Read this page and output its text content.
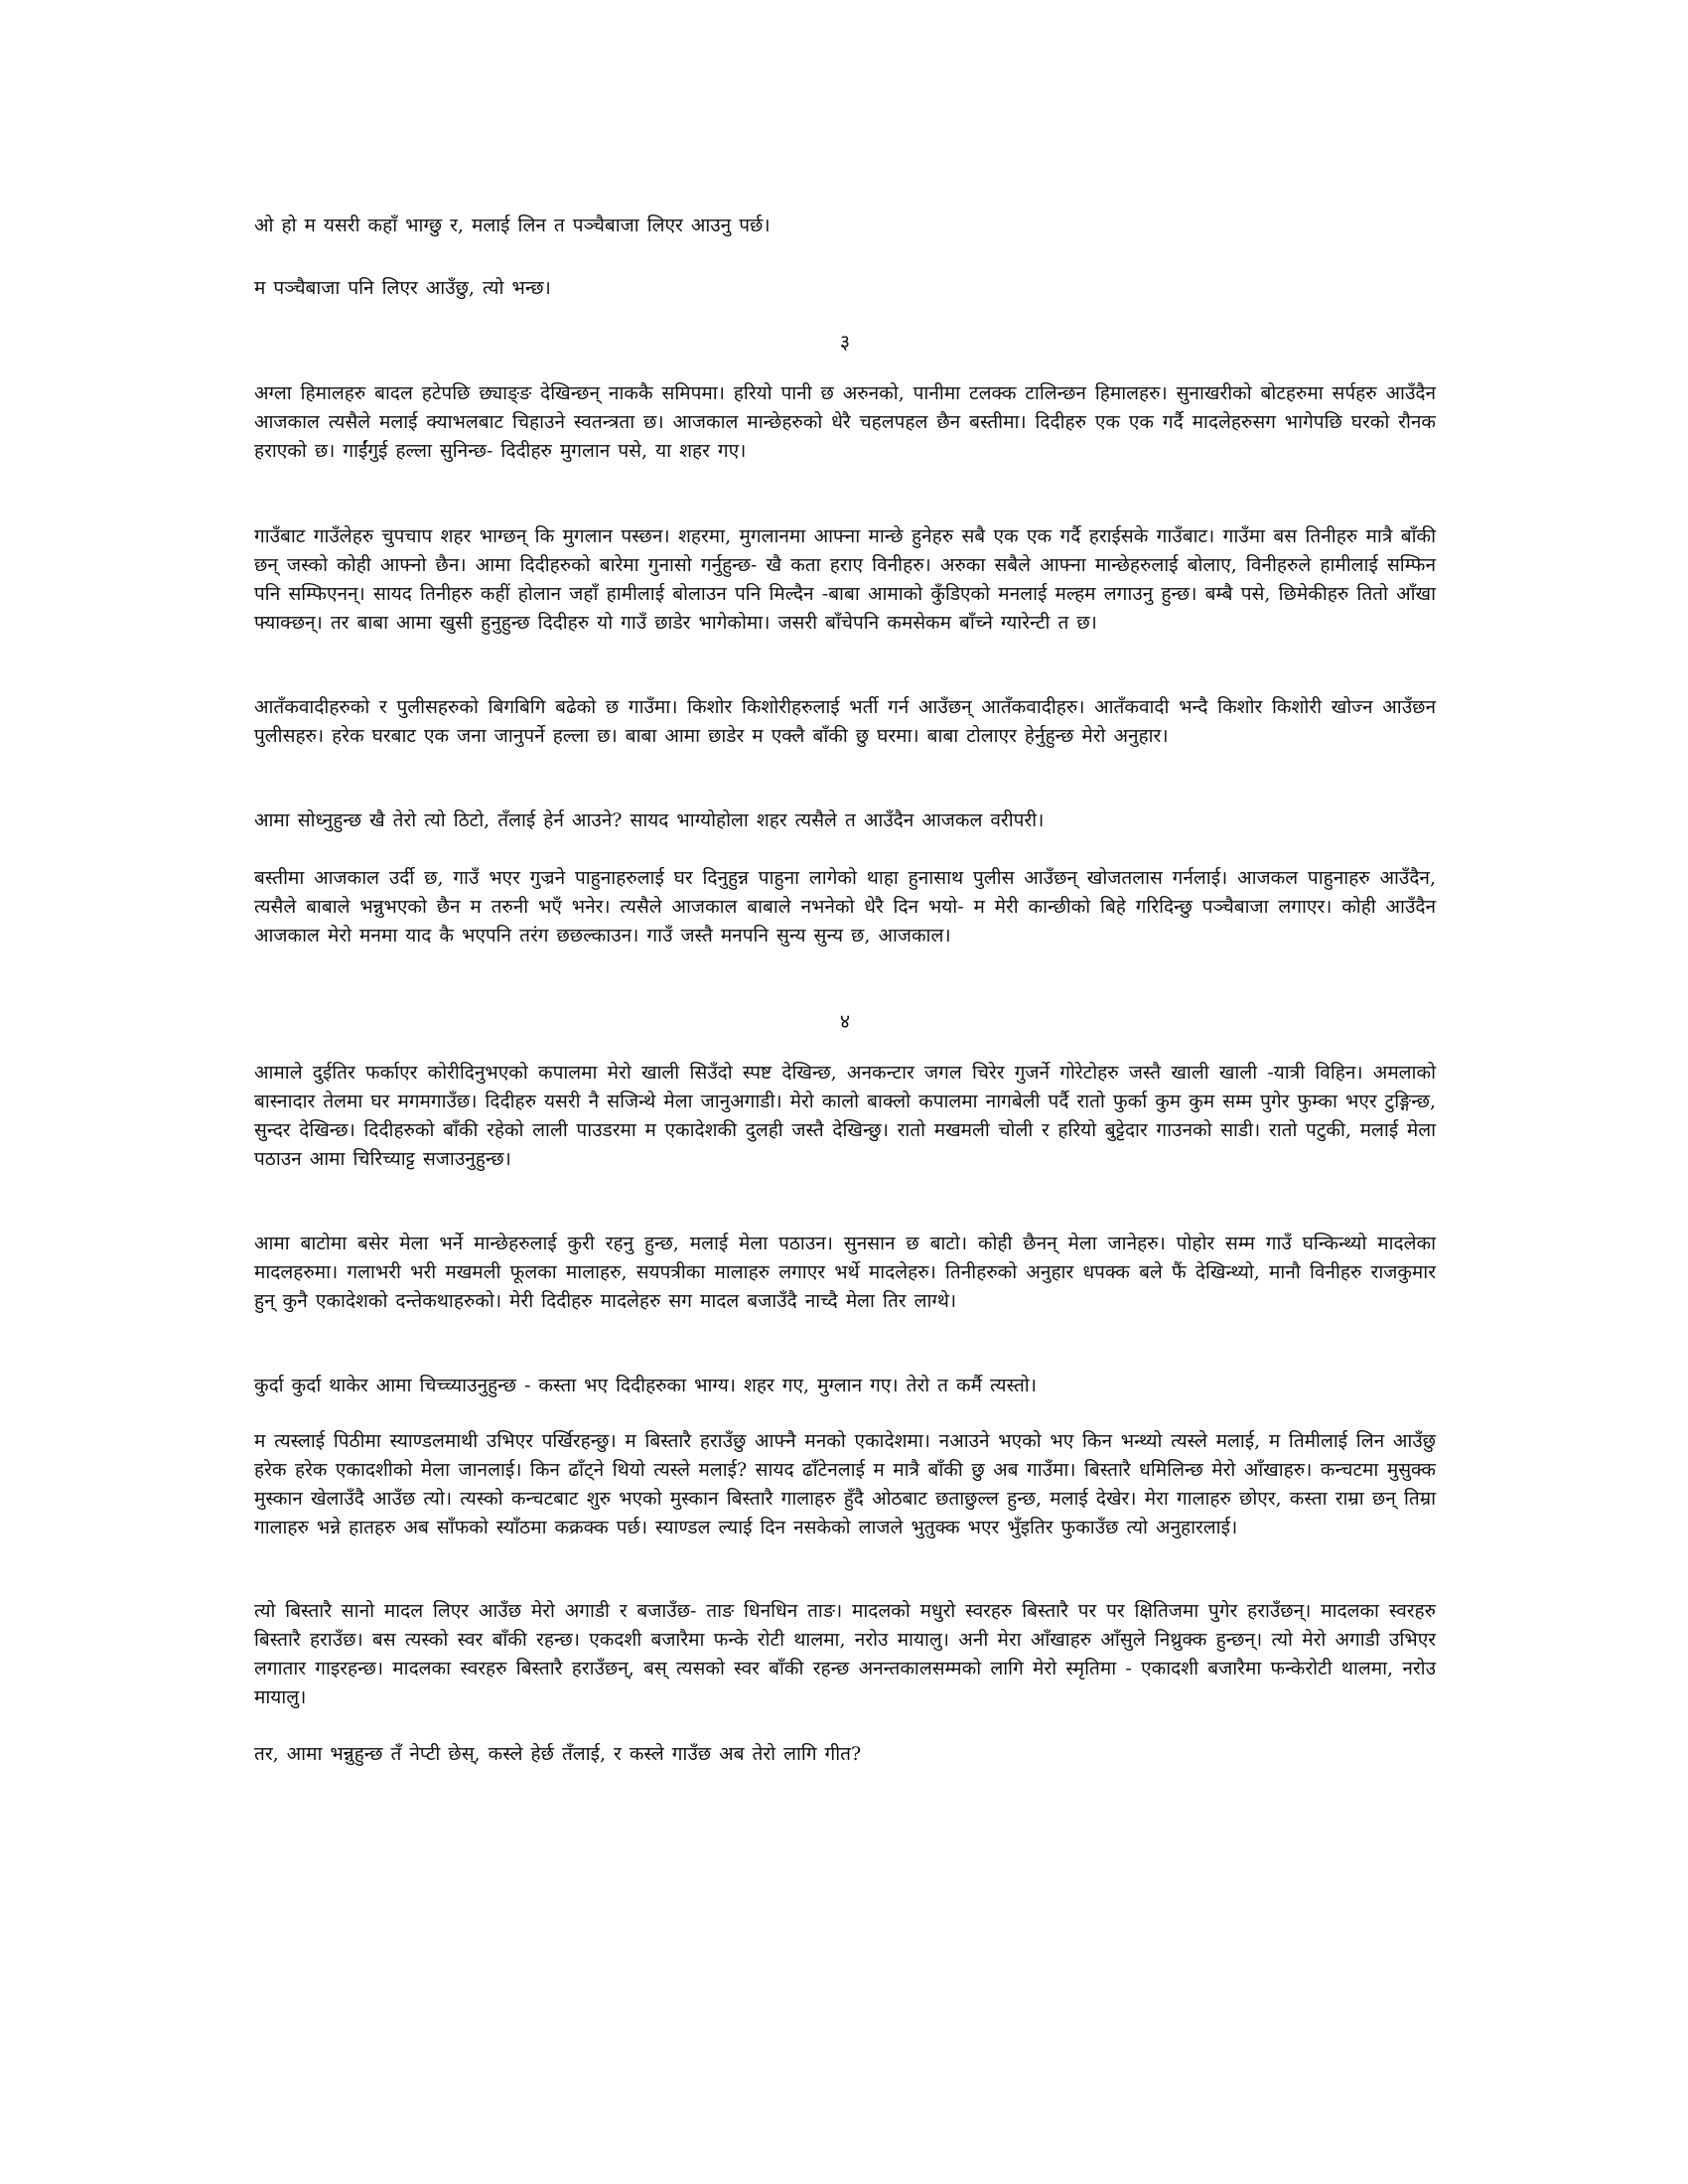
ओ हो म यसरी कहाँ भाग्छु र, मलाई लिन त पञ्चैबाजा लिएर आउनु पर्छ।

म पञ्चैबाजा पनि लिएर आउँछु, त्यो भन्छ।

३

अग्ला हिमालहरु बादल हटेपछि छ्याङ्ङ देखिन्छन् नाककै समिपमा। हरियो पानी छ अरुनको, पानीमा टलक्क टालिन्छन हिमालहरु। सुनाखरीको बोटहरुमा सर्पहरु आउँदैन आजकाल त्यसैले मलाई क्याभलबाट चिहाउने स्वतन्त्रता छ। आजकाल मान्छेहरुको धेरै चहलपहल छैन बस्तीमा। दिदीहरु एक एक गर्दै मादलेहरुसग भागेपछि घरको रौनक हराएको छ। गाईंगुई हल्ला सुनिन्छ- दिदीहरु मुगलान पसे, या शहर गए।

गाउँबाट गाउँलेहरु चुपचाप शहर भाग्छन् कि मुगलान पस्छन। शहरमा, मुगलानमा आफ्ना मान्छे हुनेहरु सबै एक एक गर्दै हराईसके गाउँबाट। गाउँमा बस तिनीहरु मात्रै बाँकी छन् जस्को कोही आफ्नो छैन। आमा दिदीहरुको बारेमा गुनासो गर्नुहुन्छ- खै कता हराए विनीहरु। अरुका सबैले आफ्ना मान्छेहरुलाई बोलाए, विनीहरुले हामीलाई सम्फिन पनि सम्फिएनन्। सायद तिनीहरु कहीं होलान जहाँ हामीलाई बोलाउन पनि मिल्दैन -बाबा आमाको कुँडिएको मनलाई मल्हम लगाउनु हुन्छ। बम्बै पसे, छिमेकीहरु तितो आँखा फ्याक्छन्। तर बाबा आमा खुसी हुनुहुन्छ दिदीहरु यो गाउँ छाडेर भागेकोमा। जसरी बाँचेपनि कमसेकम बाँच्ने ग्यारेन्टी त छ।

आतँकवादीहरुको र पुलीसहरुको बिगबिगि बढेको छ गाउँमा। किशोर किशोरीहरुलाई भर्ती गर्न आउँछन् आतँकवादीहरु। आतँकवादी भन्दै किशोर किशोरी खोज्न आउँछन पुलीसहरु। हरेक घरबाट एक जना जानुपर्ने हल्ला छ। बाबा आमा छाडेर म एक्लै बाँकी छु घरमा। बाबा टोलाएर हेर्नुहुन्छ मेरो अनुहार।

आमा सोध्नुहुन्छ खै तेरो त्यो ठिटो, तँलाई हेर्न आउने? सायद भाग्योहोला शहर त्यसैले त आउँदैन आजकल वरीपरी।

बस्तीमा आजकाल उर्दी छ, गाउँ भएर गुज्रने पाहुनाहरुलाई घर दिनुहुन्न पाहुना लागेको थाहा हुनासाथ पुलीस आउँछन् खोजतलास गर्नलाई। आजकल पाहुनाहरु आउँदैन, त्यसैले बाबाले भन्नुभएको छैन म तरुनी भएँ भनेर। त्यसैले आजकाल बाबाले नभनेको धेरै दिन भयो- म मेरी कान्छीको बिहे गरिदिन्छु पञ्चैबाजा लगाएर। कोही आउँदैन आजकाल मेरो मनमा याद कै भएपनि तरंग छछल्काउन। गाउँ जस्तै मनपनि सुन्य सुन्य छ, आजकाल।

४

आमाले दुईतिर फर्काएर कोरीदिनुभएको कपालमा मेरो खाली सिउँदो स्पष्ट देखिन्छ, अनकन्टार जगल चिरेर गुजर्ने गोरेटोहरु जस्तै खाली खाली -यात्री विहिन। अमलाको बास्नादार तेलमा घर मगमगाउँछ। दिदीहरु यसरी नै सजिन्थे मेला जानुअगाडी। मेरो कालो बाक्लो कपालमा नागबेली पर्दै रातो फुर्का कुम कुम सम्म पुगेर फुम्का भएर टुङ्गिन्छ, सुन्दर देखिन्छ। दिदीहरुको बाँकी रहेको लाली पाउडरमा म एकादेशकी दुलही जस्तै देखिन्छु। रातो मखमली चोली र हरियो बुट्टेदार गाउनको साडी। रातो पटुकी, मलाई मेला पठाउन आमा चिरिच्याट्ट सजाउनुहुन्छ।

आमा बाटोमा बसेर मेला भर्ने मान्छेहरुलाई कुरी रहनु हुन्छ, मलाई मेला पठाउन। सुनसान छ बाटो। कोही छैनन् मेला जानेहरु। पोहोर सम्म गाउँ घन्किन्थ्यो मादलेका मादलहरुमा। गलाभरी भरी मखमली फूलका मालाहरु, सयपत्रीका मालाहरु लगाएर भर्थे मादलेहरु। तिनीहरुको अनुहार धपक्क बले फैं देखिन्थ्यो, मानौ विनीहरु राजकुमार हुन् कुनै एकादेशको दन्तेकथाहरुको। मेरी दिदीहरु मादलेहरु सग मादल बजाउँदै नाच्दै मेला तिर लाग्थे।

कुर्दा कुर्दा थाकेर आमा चिच्च्याउनुहुन्छ - कस्ता भए दिदीहरुका भाग्य। शहर गए, मुग्लान गए। तेरो त कर्मै त्यस्तो।

म त्यस्लाई पिठीमा स्याण्डलमाथी उभिएर पर्खिरहन्छु। म बिस्तारै हराउँछु आफ्नै मनको एकादेशमा। नआउने भएको भए किन भन्थ्यो त्यस्ले मलाई, म तिमीलाई लिन आउँछु हरेक हरेक एकादशीको मेला जानलाई। किन ढाँट्ने थियो त्यस्ले मलाई? सायद ढाँटेनलाई म मात्रै बाँकी छु अब गाउँमा। बिस्तारै धमिलिन्छ मेरो आँखाहरु। कन्चटमा मुसुक्क मुस्कान खेलाउँदै आउँछ त्यो। त्यस्को कन्चटबाट शुरु भएको मुस्कान बिस्तारै गालाहरु हुँदै ओठबाट छताछुल्ल हुन्छ, मलाई देखेर। मेरा गालाहरु छोएर, कस्ता राम्रा छन् तिम्रा गालाहरु भन्ने हातहरु अब साँफको स्याँठमा कक्रक्क पर्छ। स्याण्डल ल्याई दिन नसकेको लाजले भुतुक्क भएर भुँइतिर फुकाउँछ त्यो अनुहारलाई।

त्यो बिस्तारै सानो मादल लिएर आउँछ मेरो अगाडी र बजाउँछ- ताङ धिनधिन ताङ। मादलको मधुरो स्वरहरु बिस्तारै पर पर क्षितिजमा पुगेर हराउँछन्। मादलका स्वरहरु बिस्तारै हराउँछ। बस त्यस्को स्वर बाँकी रहन्छ। एकदशी बजारैमा फन्के रोटी थालमा, नरोउ मायालु। अनी मेरा आँखाहरु आँसुले निथ्रुक्क हुन्छन्। त्यो मेरो अगाडी उभिएर लगातार गाइरहन्छ। मादलका स्वरहरु बिस्तारै हराउँछन्, बस् त्यसको स्वर बाँकी रहन्छ अनन्तकालसम्मको लागि मेरो स्मृतिमा - एकादशी बजारैमा फन्केरोटी थालमा, नरोउ मायालु।

तर, आमा भन्नुहुन्छ तँ नेप्टी छेस्, कस्ले हेर्छ तँलाई, र कस्ले गाउँछ अब तेरो लागि गीत?
